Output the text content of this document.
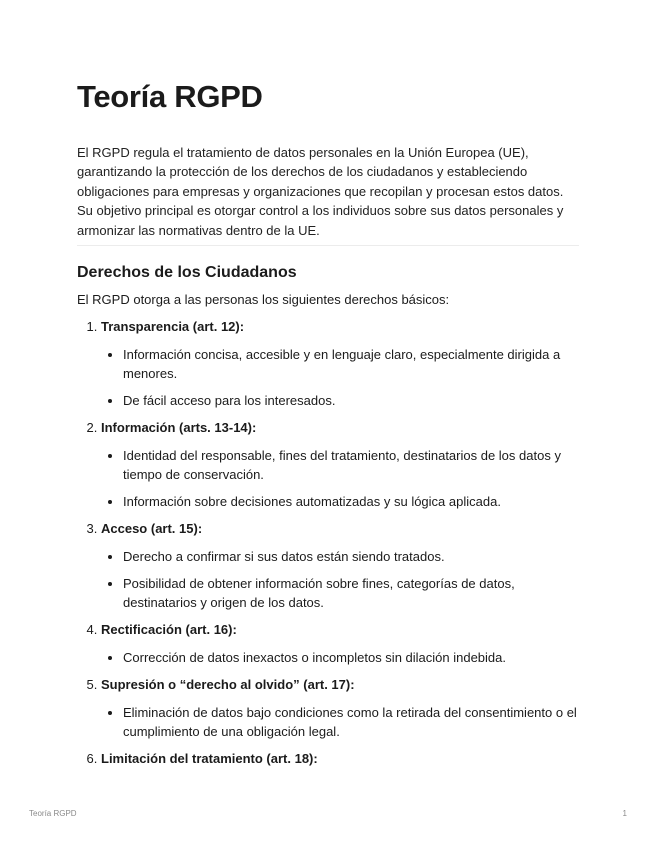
Teoría RGPD

El RGPD regula el tratamiento de datos personales en la Unión Europea (UE), garantizando la protección de los derechos de los ciudadanos y estableciendo obligaciones para empresas y organizaciones que recopilan y procesan estos datos. Su objetivo principal es otorgar control a los individuos sobre sus datos personales y armonizar las normativas dentro de la UE.

Derechos de los Ciudadanos

El RGPD otorga a las personas los siguientes derechos básicos:

1. Transparencia (art. 12):
• Información concisa, accesible y en lenguaje claro, especialmente dirigida a menores.
• De fácil acceso para los interesados.
2. Información (arts. 13-14):
• Identidad del responsable, fines del tratamiento, destinatarios de los datos y tiempo de conservación.
• Información sobre decisiones automatizadas y su lógica aplicada.
3. Acceso (art. 15):
• Derecho a confirmar si sus datos están siendo tratados.
• Posibilidad de obtener información sobre fines, categorías de datos, destinatarios y origen de los datos.
4. Rectificación (art. 16):
• Corrección de datos inexactos o incompletos sin dilación indebida.
5. Supresión o “derecho al olvido” (art. 17):
• Eliminación de datos bajo condiciones como la retirada del consentimiento o el cumplimiento de una obligación legal.
6. Limitación del tratamiento (art. 18):
Teoría RGPD	1
